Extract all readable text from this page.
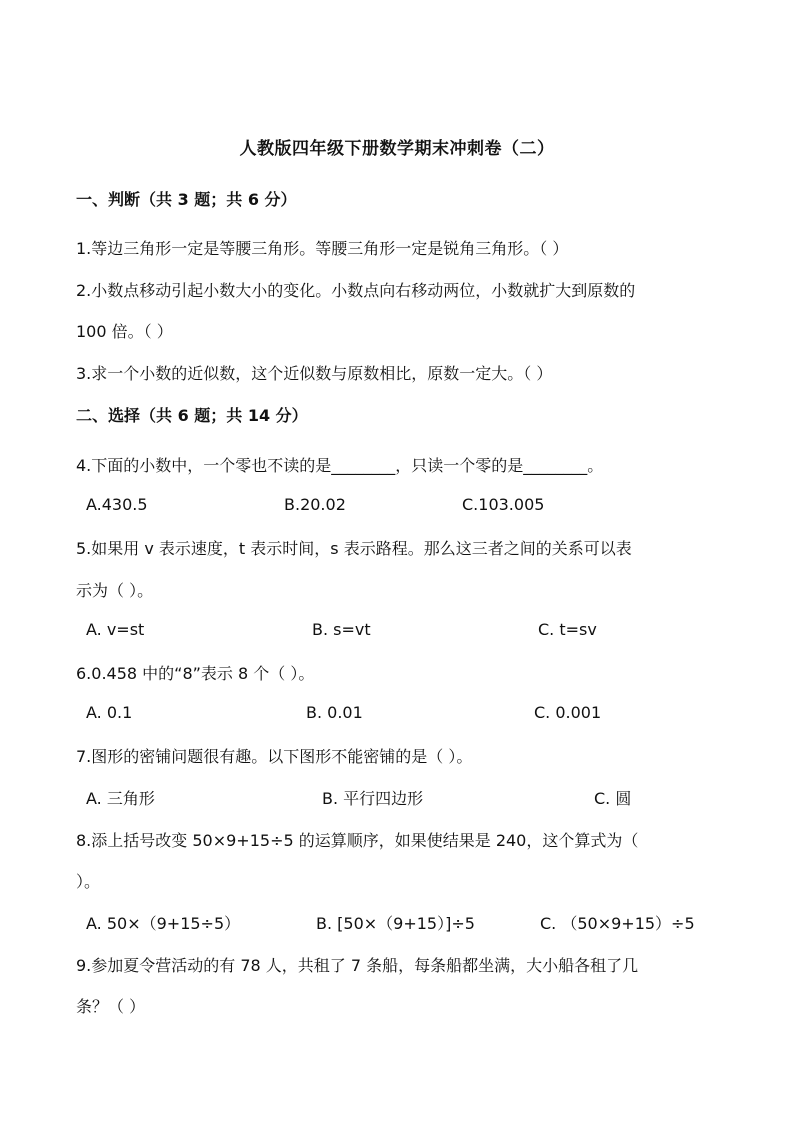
人教版四年级下册数学期末冲刺卷（二）
一、判断（共 3 题；共 6 分）
1.等边三角形一定是等腰三角形。等腰三角形一定是锐角三角形。（ ）
2.小数点移动引起小数大小的变化。小数点向右移动两位，小数就扩大到原数的
100 倍。（ ）
3.求一个小数的近似数，这个近似数与原数相比，原数一定大。（ ）
二、选择（共 6 题；共 14 分）
4.下面的小数中，一个零也不读的是________，只读一个零的是________。
A.430.5	B.20.02	C.103.005
5.如果用 v 表示速度，t 表示时间，s 表示路程。那么这三者之间的关系可以表
示为（ ）。
A. v=st	B. s=vt	C. t=sv
6.0.458 中的“8”表示 8 个（ ）。
A. 0.1	B. 0.01	C. 0.001
7.图形的密铺问题很有趣。以下图形不能密铺的是（ ）。
A. 三角形	B. 平行四边形	C. 圆
8.添上括号改变 50×9+15÷5 的运算顺序，如果使结果是 240，这个算式为（
）。
A. 50×（9+15÷5）	B. [50×（9+15）]÷5	C. （50×9+15）÷5
9.参加夏令营活动的有 78 人，共租了 7 条船，每条船都坐满，大小船各租了几
条？（ ）
